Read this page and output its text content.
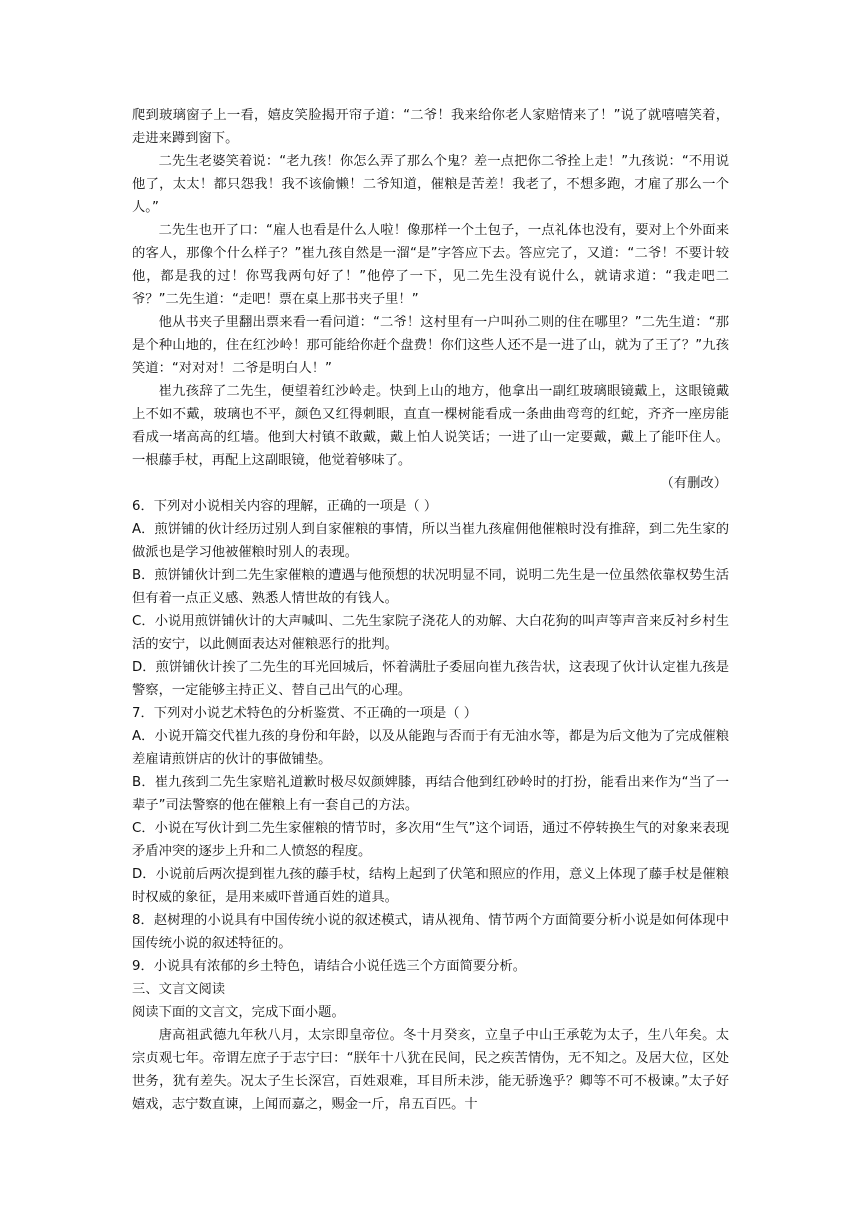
爬到玻璃窗子上一看，嬉皮笑脸揭开帘子道：“二爷！我来给你老人家赔情来了！”说了就嘻嘻笑着，走进来蹲到窗下。

二先生老婆笑着说：“老九孩！你怎么弄了那么个鬼？差一点把你二爷拴上走！”九孩说：“不用说他了，太太！都只怨我！我不该偷懒！二爷知道，催粮是苦差！我老了，不想多跑，才雇了那么一个人。”

二先生也开了口：“雇人也看是什么人啦！像那样一个土包子，一点礼体也没有，要对上个外面来的客人，那像个什么样子？”崔九孩自然是一溜“是”字答应下去。答应完了，又道：“二爷！不要计较他，都是我的过！你骂我两句好了！”他停了一下，见二先生没有说什么，就请求道：“我走吧二爷？”二先生道：“走吧！票在桌上那书夹子里！”

他从书夹子里翻出票来看一看问道：“二爷！这村里有一户叫孙二则的住在哪里？”二先生道：“那是个种山地的，住在红沙岭！那可能给你赶个盘费！你们这些人还不是一进了山，就为了王了？”九孩笑道：“对对对！二爷是明白人！”

崔九孩辞了二先生，便望着红沙岭走。快到上山的地方，他拿出一副红玻璃眼镜戴上，这眼镜戴上不如不戴，玻璃也不平，颜色又红得刺眼，直直一棵树能看成一条曲曲弯弯的红蛇，齐齐一座房能看成一堵高高的红墙。他到大村镇不敢戴，戴上怕人说笑话；一进了山一定要戴，戴上了能吓住人。一根藤手杖，再配上这副眼镜，他觉着够味了。

（有删改）

6．下列对小说相关内容的理解，正确的一项是（ ）

A．煎饼铺的伙计经历过别人到自家催粮的事情，所以当崔九孩雇佣他催粮时没有推辞，到二先生家的做派也是学习他被催粮时别人的表现。

B．煎饼铺伙计到二先生家催粮的遭遇与他预想的状况明显不同，说明二先生是一位虽然依靠权势生活但有着一点正义感、熟悉人情世故的有钱人。

C．小说用煎饼铺伙计的大声喊叫、二先生家院子浇花人的劝解、大白花狗的叫声等声音来反衬乡村生活的安宁，以此侧面表达对催粮恶行的批判。

D．煎饼铺伙计挨了二先生的耳光回城后，怀着满肚子委屈向崔九孩告状，这表现了伙计认定崔九孩是警察，一定能够主持正义、替自己出气的心理。

7．下列对小说艺术特色的分析鉴赏、不正确的一项是（ ）

A．小说开篇交代崔九孩的身份和年龄，以及从能跑与否而于有无油水等，都是为后文他为了完成催粮差雇请煎饼店的伙计的事做铺垫。

B．崔九孩到二先生家赔礼道歉时极尽奴颜婢膝，再结合他到红砂岭时的打扮，能看出来作为“当了一辈子”司法警察的他在催粮上有一套自己的方法。

C．小说在写伙计到二先生家催粮的情节时，多次用“生气”这个词语，通过不停转换生气的对象来表现矛盾冲突的逐步上升和二人愤怒的程度。

D．小说前后两次提到崔九孩的藤手杖，结构上起到了伏笔和照应的作用，意义上体现了藤手杖是催粮时权威的象征，是用来威吓普通百姓的道具。

8．赵树理的小说具有中国传统小说的叙述模式，请从视角、情节两个方面简要分析小说是如何体现中国传统小说的叙述特征的。

9．小说具有浓郁的乡土特色，请结合小说任选三个方面简要分析。

三、文言文阅读

阅读下面的文言文，完成下面小题。

唐高祖武德九年秋八月，太宗即皇帝位。冬十月癸亥，立皇子中山王承乾为太子，生八年矣。太宗贞观七年。帝谓左庶子于志宁曰：“朕年十八犹在民间，民之疾苦情伪，无不知之。及居大位，区处世务，犹有差失。况太子生长深宫，百姓艰难，耳目所未涉，能无骄逸乎？卿等不可不极谏。”太子好嬉戏，志宁数直谏，上闻而嘉之，赐金一斤，帛五百匹。十
